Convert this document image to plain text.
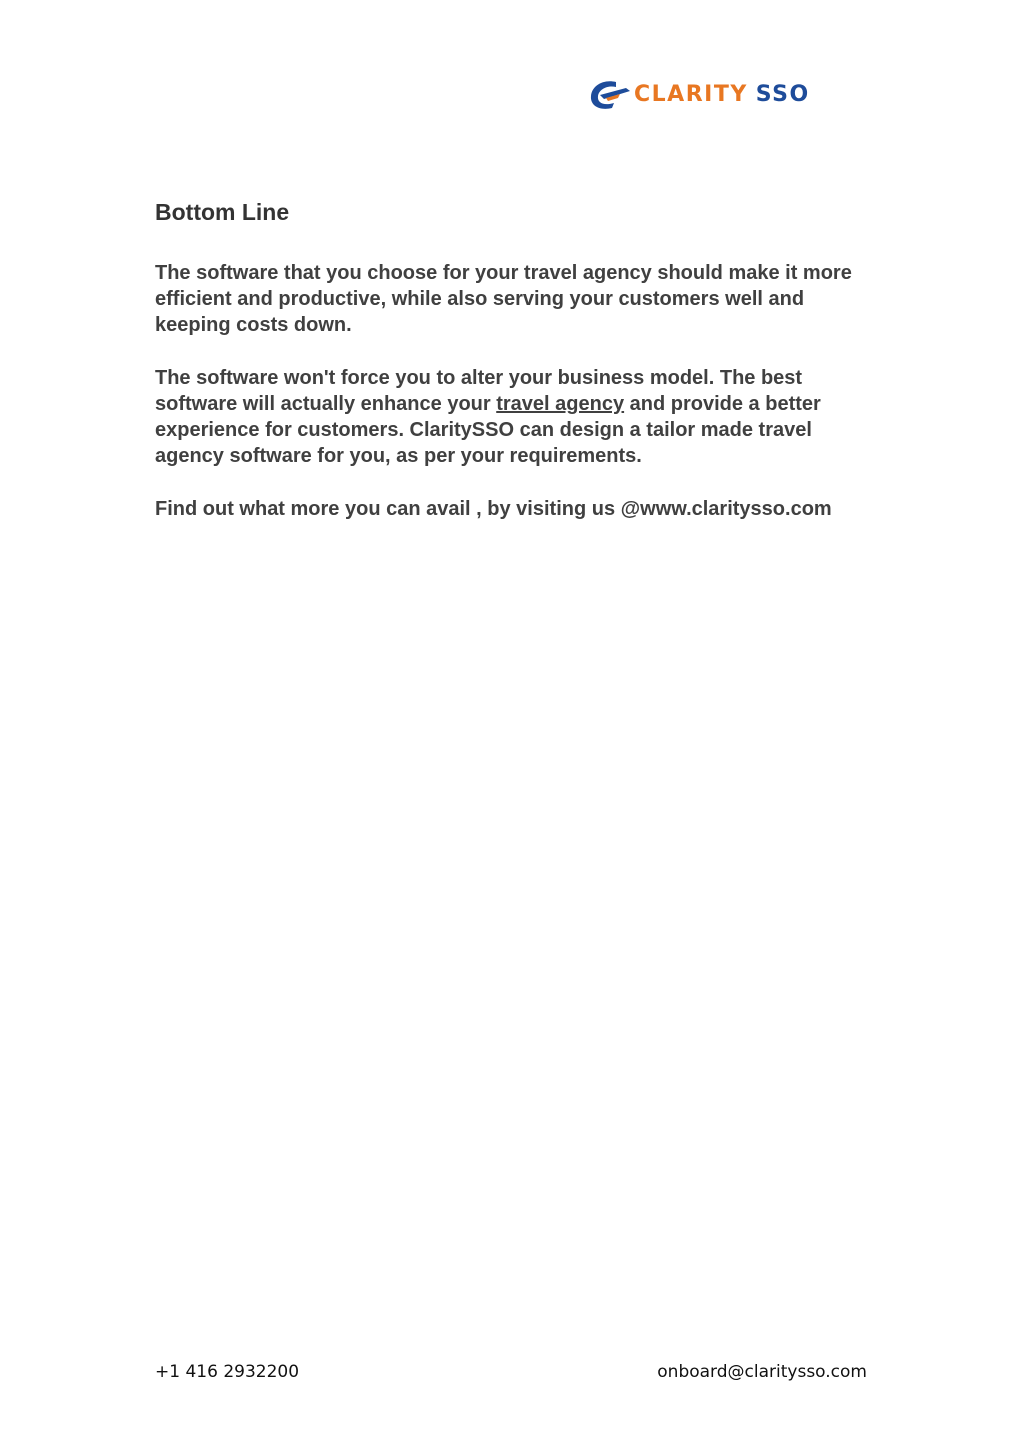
CLARITY SSO
Bottom Line

The software that you choose for your travel agency should make it more efficient and productive, while also serving your customers well and keeping costs down.

The software won't force you to alter your business model. The best software will actually enhance your travel agency and provide a better experience for customers. ClaritySSO can design a tailor made travel agency software for you, as per your requirements.

Find out what more you can avail , by visiting us @www.claritysso.com

+1 416 2932200	onboard@claritysso.com
